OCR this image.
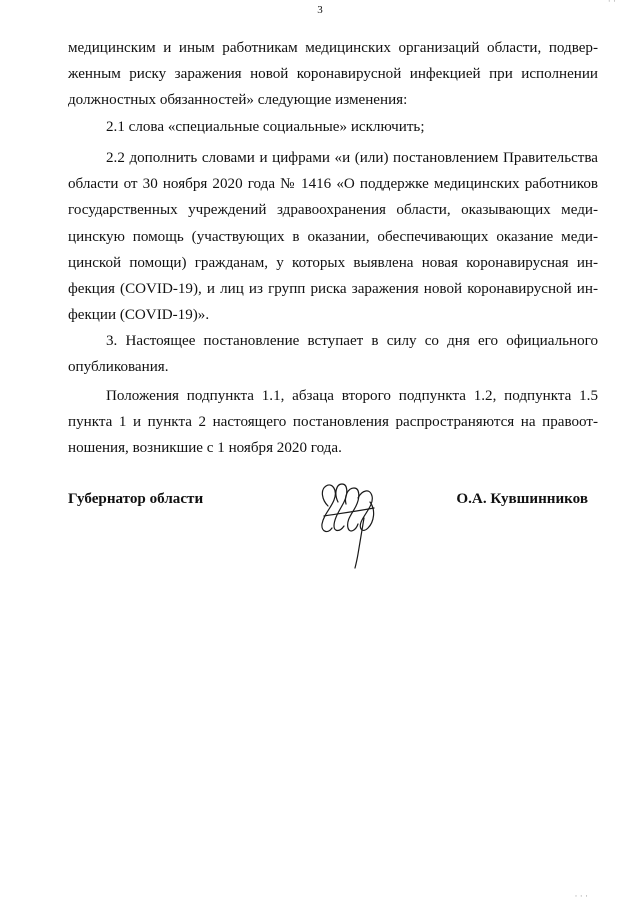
3
медицинским и иным работникам медицинских организаций области, подвер-
женным риску заражения новой коронавирусной инфекцией при исполнении
должностных обязанностей» следующие изменения:
2.1 слова «специальные социальные» исключить;
2.2 дополнить словами и цифрами «и (или) постановлением Правительства
области от 30 ноября 2020 года № 1416 «О поддержке медицинских работников
государственных учреждений здравоохранения области, оказывающих меди-
цинскую помощь (участвующих в оказании, обеспечивающих оказание меди-
цинской помощи) гражданам, у которых выявлена новая коронавирусная ин-
фекция (COVID-19), и лиц из групп риска заражения новой коронавирусной ин-
фекции (COVID-19)».
3. Настоящее постановление вступает в силу со дня его официального
опубликования.
Положения подпункта 1.1, абзаца второго подпункта 1.2, подпункта 1.5
пункта 1 и пункта 2 настоящего постановления распространяются на правоот-
ношения, возникшие с 1 ноября 2020 года.
Губернатор области	О.А. Кувшинников
· ·
· · ·
